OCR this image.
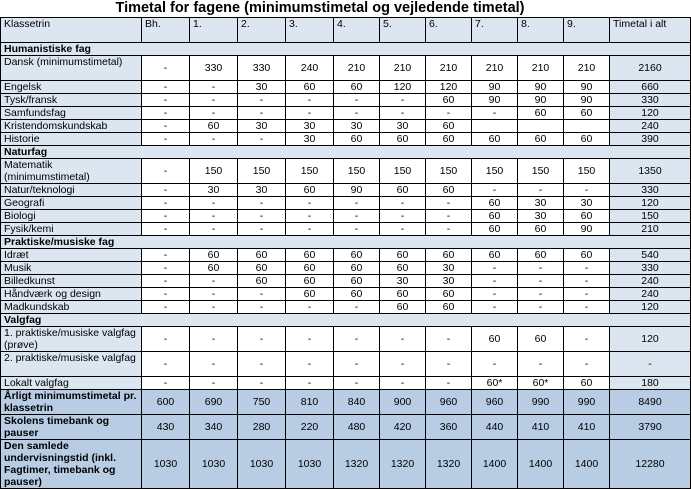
Timetal for fagene (minimumstimetal og vejledende timetal)
Klassetrin	Bh.	1.	2.	3.	4.	5.	6.	7.	8.	9.	Timetal i alt
Humanistiske fag											
Dansk (minimumstimetal)	-	330	330	240	210	210	210	210	210	210	2160
Engelsk	-	-	30	60	60	120	120	90	90	90	660
Tysk/fransk	-	-	-	-	-	-	60	90	90	90	330
Samfundsfag	-	-	-	-	-	-	-	-	60	60	120
Kristendomskundskab	-	60	30	30	30	30	60				240
Historie	-	-	-	30	60	60	60	60	60	60	390
Naturfag											
Matematik (minimumstimetal)	-	150	150	150	150	150	150	150	150	150	1350
Natur/teknologi	-	30	30	60	90	60	60	-	-	-	330
Geografi	-	-	-	-	-	-	-	60	30	30	120
Biologi	-	-	-	-	-	-	-	60	30	60	150
Fysik/kemi	-	-	-	-	-	-	-	60	60	90	210
Praktiske/musiske fag											
Idræt	-	60	60	60	60	60	60	60	60	60	540
Musik	-	60	60	60	60	60	30	-	-	-	330
Billedkunst	-	-	60	60	60	30	30	-	-	-	240
Håndværk og design	-	-	-	60	60	60	60	-	-	-	240
Madkundskab	-	-	-	-	-	60	60	-	-	-	120
Valgfag											
1. praktiske/musiske valgfag (prøve)	-	-	-	-	-	-	-	60	60	-	120
2. praktiske/musiske valgfag	-	-	-	-	-	-	-	-	-	-	-
Lokalt valgfag	-	-	-	-	-	-	-	60*	60*	60	180
Årligt minimumstimetal pr. klassetrin	600	690	750	810	840	900	960	960	990	990	8490
Skolens timebank og pauser	430	340	280	220	480	420	360	440	410	410	3790
Den samlede undervisningstid (inkl. Fagtimer, timebank og pauser)	1030	1030	1030	1030	1320	1320	1320	1400	1400	1400	12280
